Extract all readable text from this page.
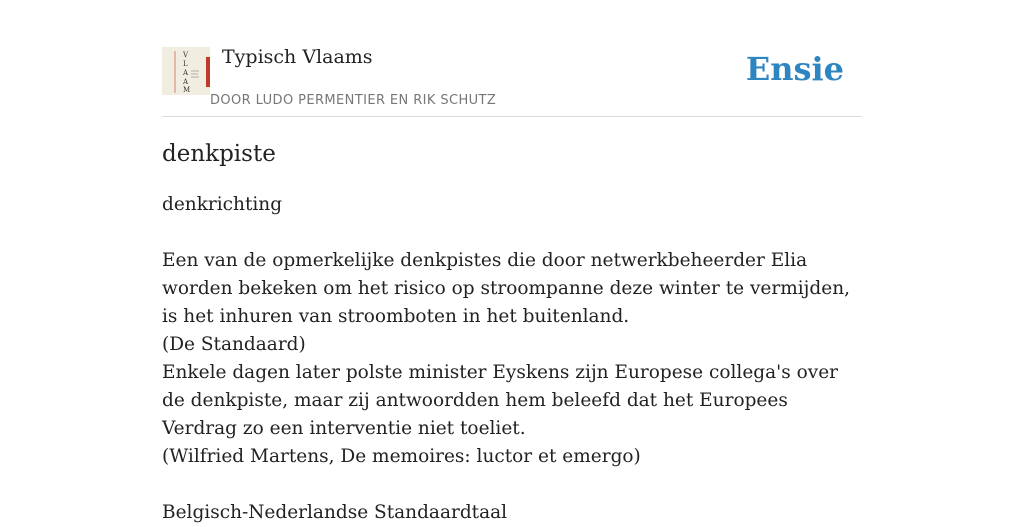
V
L
A
A
M
Typisch Vlaams
DOOR LUDO PERMENTIER EN RIK SCHUTZ
Ensie
denkpiste

denkrichting

Een van de opmerkelijke denkpistes die door netwerkbeheerder Elia worden bekeken om het risico op stroompanne deze winter te vermijden, is het inhuren van stroomboten in het buitenland.

(De Standaard)

Enkele dagen later polste minister Eyskens zijn Europese collega's over de denkpiste, maar zij antwoordden hem beleefd dat het Europees Verdrag zo een interventie niet toeliet.

(Wilfried Martens, De memoires: luctor et emergo)

Belgisch-Nederlandse Standaardtaal
